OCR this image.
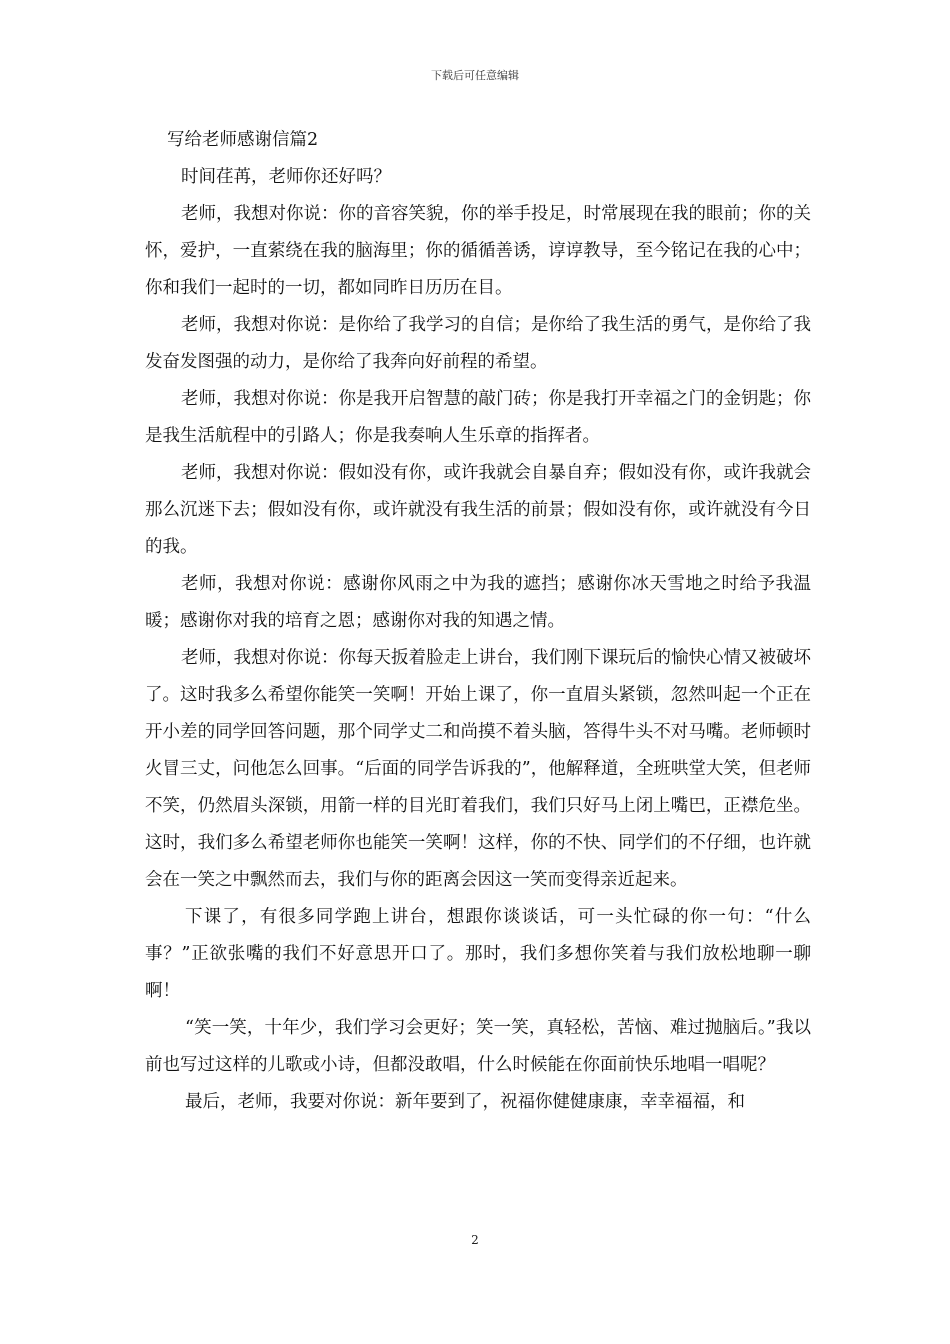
下载后可任意编辑

写给老师感谢信篇2

时间荏苒，老师你还好吗？

老师，我想对你说：你的音容笑貌，你的举手投足，时常展现在我的眼前；你的关怀，爱护，一直萦绕在我的脑海里；你的循循善诱，谆谆教导，至今铭记在我的心中；你和我们一起时的一切，都如同昨日历历在目。

老师，我想对你说：是你给了我学习的自信；是你给了我生活的勇气，是你给了我发奋发图强的动力，是你给了我奔向好前程的希望。

老师，我想对你说：你是我开启智慧的敲门砖；你是我打开幸福之门的金钥匙；你是我生活航程中的引路人；你是我奏响人生乐章的指挥者。

老师，我想对你说：假如没有你，或许我就会自暴自弃；假如没有你，或许我就会那么沉迷下去；假如没有你，或许就没有我生活的前景；假如没有你，或许就没有今日的我。

老师，我想对你说：感谢你风雨之中为我的遮挡；感谢你冰天雪地之时给予我温暖；感谢你对我的培育之恩；感谢你对我的知遇之情。

老师，我想对你说：你每天扳着脸走上讲台，我们刚下课玩后的愉快心情又被破坏了。这时我多么希望你能笑一笑啊！开始上课了，你一直眉头紧锁，忽然叫起一个正在开小差的同学回答问题，那个同学丈二和尚摸不着头脑，答得牛头不对马嘴。老师顿时火冒三丈，问他怎么回事。“后面的同学告诉我的”，他解释道，全班哄堂大笑，但老师不笑，仍然眉头深锁，用箭一样的目光盯着我们，我们只好马上闭上嘴巴，正襟危坐。这时，我们多么希望老师你也能笑一笑啊！这样，你的不快、同学们的不仔细，也许就会在一笑之中飘然而去，我们与你的距离会因这一笑而变得亲近起来。

下课了，有很多同学跑上讲台，想跟你谈谈话，可一头忙碌的你一句：“什么事？”正欲张嘴的我们不好意思开口了。那时，我们多想你笑着与我们放松地聊一聊啊！

“笑一笑，十年少，我们学习会更好；笑一笑，真轻松，苦恼、难过抛脑后。”我以前也写过这样的儿歌或小诗，但都没敢唱，什么时候能在你面前快乐地唱一唱呢？

最后，老师，我要对你说：新年要到了，祝福你健健康康，幸幸福福，和

2
